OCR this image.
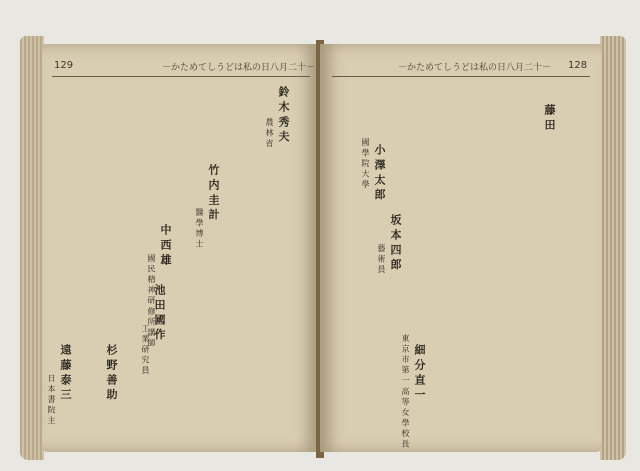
129	－かためてしうどは私の日八月二十－
鈴 木 秀 夫
農 林 省
竹 内 圭 計
醫 學 博 士
池 田 國 作
工 業 研 究 員
杉 野 善 助
遠 藤 泰 三
日 本 書 院 主
－かためてしうどは私の日八月二十－ 128
藤 田
小 澤 太 郎
國 學 院 大 學
坂 本 四 郎
藝 術 員
中 西 雄
國 民 精 神 研 修 所 講 師
細 分 直 一
東 京 市 第 一 高 等 女 學 校 長
